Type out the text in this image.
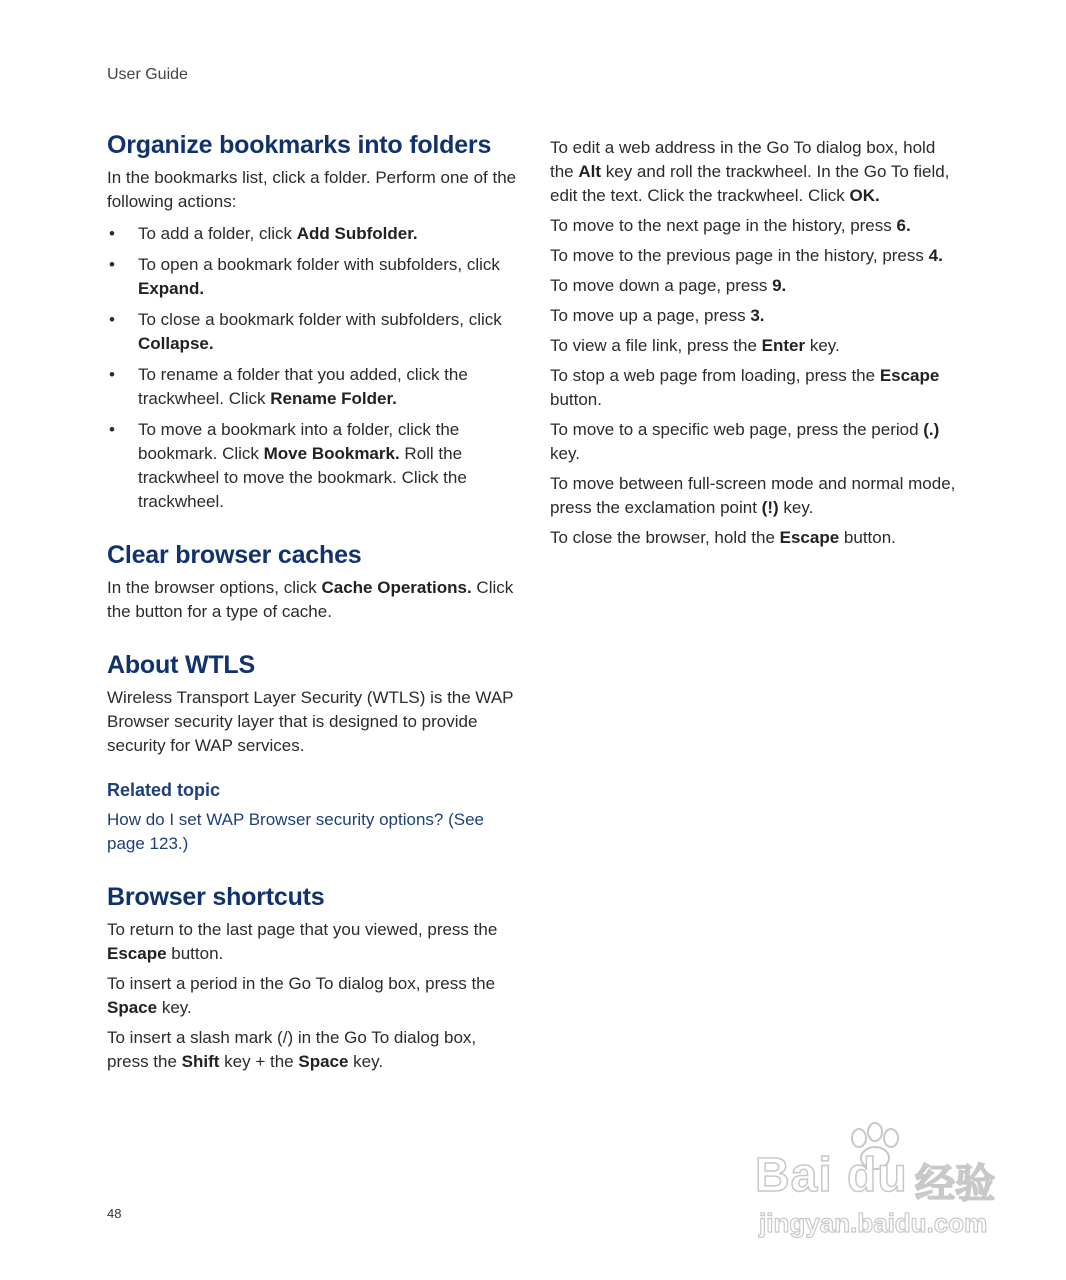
User Guide
Organize bookmarks into folders

In the bookmarks list, click a folder. Perform one of the following actions:

• To add a folder, click Add Subfolder.
• To open a bookmark folder with subfolders, click Expand.
• To close a bookmark folder with subfolders, click Collapse.
• To rename a folder that you added, click the trackwheel. Click Rename Folder.
• To move a bookmark into a folder, click the bookmark. Click Move Bookmark. Roll the trackwheel to move the bookmark. Click the trackwheel.
Clear browser caches

In the browser options, click Cache Operations. Click the button for a type of cache.

About WTLS

Wireless Transport Layer Security (WTLS) is the WAP Browser security layer that is designed to provide security for WAP services.

Related topic

How do I set WAP Browser security options? (See page 123.)

Browser shortcuts

To return to the last page that you viewed, press the Escape button.

To insert a period in the Go To dialog box, press the Space key.

To insert a slash mark (/) in the Go To dialog box, press the Shift key + the Space key.

To edit a web address in the Go To dialog box, hold the Alt key and roll the trackwheel. In the Go To field, edit the text. Click the trackwheel. Click OK.

To move to the next page in the history, press 6.

To move to the previous page in the history, press 4.

To move down a page, press 9.

To move up a page, press 3.

To view a file link, press the Enter key.

To stop a web page from loading, press the Escape button.

To move to a specific web page, press the period (.) key.

To move between full-screen mode and normal mode, press the exclamation point (!) key.

To close the browser, hold the Escape button.

48
Bai du 经验
jingyan.baidu.com
